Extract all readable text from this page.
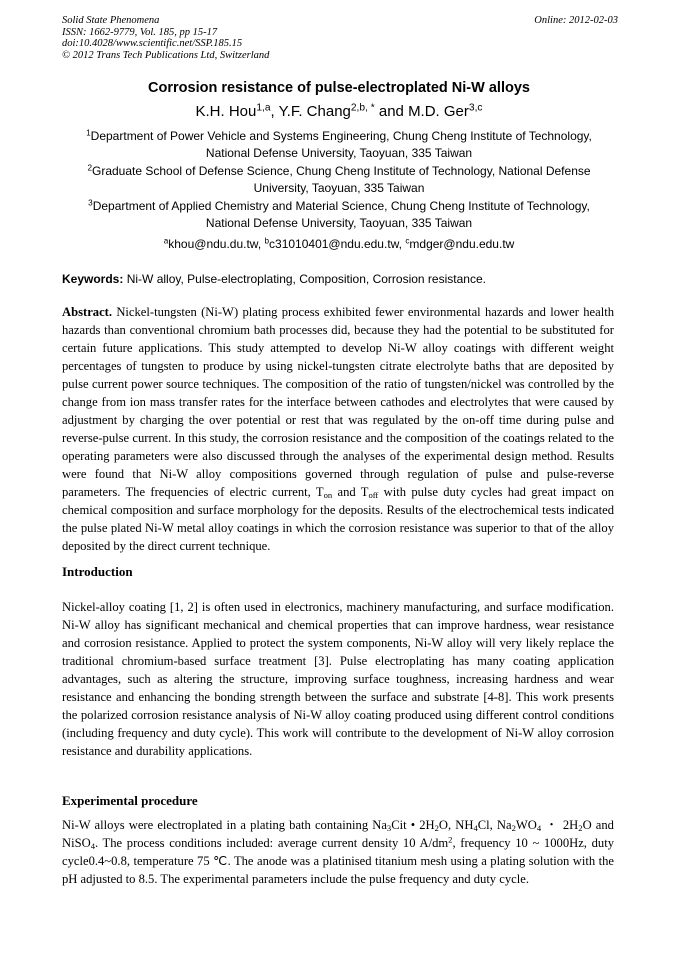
Solid State Phenomena
ISSN: 1662-9779, Vol. 185, pp 15-17
doi:10.4028/www.scientific.net/SSP.185.15
© 2012 Trans Tech Publications Ltd, Switzerland
Online: 2012-02-03
Corrosion resistance of pulse-electroplated Ni-W alloys
K.H. Hou$^{1,a}$, Y.F. Chang$^{2,b, *}$ and M.D. Ger$^{3,c}$
$^1$Department of Power Vehicle and Systems Engineering, Chung Cheng Institute of Technology,
National Defense University, Taoyuan, 335 Taiwan
$^2$Graduate School of Defense Science, Chung Cheng Institute of Technology, National Defense
University, Taoyuan, 335 Taiwan
$^3$Department of Applied Chemistry and Material Science, Chung Cheng Institute of Technology,
National Defense University, Taoyuan, 335 Taiwan
$^a$khou@ndu.du.tw, $^b$c31010401@ndu.edu.tw, $^c$mdger@ndu.edu.tw
Keywords: Ni-W alloy, Pulse-electroplating, Composition, Corrosion resistance.

Abstract. Nickel-tungsten (Ni-W) plating process exhibited fewer environmental hazards and lower health hazards than conventional chromium bath processes did, because they had the potential to be substituted for certain future applications. This study attempted to develop Ni-W alloy coatings with different weight percentages of tungsten to produce by using nickel-tungsten citrate electrolyte baths that are deposited by pulse current power source techniques. The composition of the ratio of tungsten/nickel was controlled by the change from ion mass transfer rates for the interface between cathodes and electrolytes that were caused by adjustment by charging the over potential or rest that was regulated by the on-off time during pulse and reverse-pulse current. In this study, the corrosion resistance and the composition of the coatings related to the operating parameters were also discussed through the analyses of the experimental design method. Results were found that Ni-W alloy compositions governed through regulation of pulse and pulse-reverse parameters. The frequencies of electric current, $T_{on}$ and $T_{off}$ with pulse duty cycles had great impact on chemical composition and surface morphology for the deposits. Results of the electrochemical tests indicated the pulse plated Ni-W metal alloy coatings in which the corrosion resistance was superior to that of the alloy deposited by the direct current technique.

Introduction

Nickel-alloy coating [1, 2] is often used in electronics, machinery manufacturing, and surface modification. Ni-W alloy has significant mechanical and chemical properties that can improve hardness, wear resistance and corrosion resistance. Applied to protect the system components, Ni-W alloy will very likely replace the traditional chromium-based surface treatment [3]. Pulse electroplating has many coating application advantages, such as altering the structure, improving surface toughness, increasing hardness and wear resistance and enhancing the bonding strength between the surface and substrate [4-8]. This work presents the polarized corrosion resistance analysis of Ni-W alloy coating produced using different control conditions (including frequency and duty cycle). This work will contribute to the development of Ni-W alloy corrosion resistance and durability applications.

Experimental procedure

Ni-W alloys were electroplated in a plating bath containing $Na_3Cit$ • $2H_2O$, $NH_4Cl$, $Na_2WO_4$ ・ $2H_2O$ and NiSO$_4$. The process conditions included: average current density 10 $A/dm^2$, frequency 10 ~ 1000Hz, duty cycle0.4~0.8, temperature 75 ℃. The anode was a platinised titanium mesh using a plating solution with the pH adjusted to 8.5. The experimental parameters include the pulse frequency and duty cycle.
